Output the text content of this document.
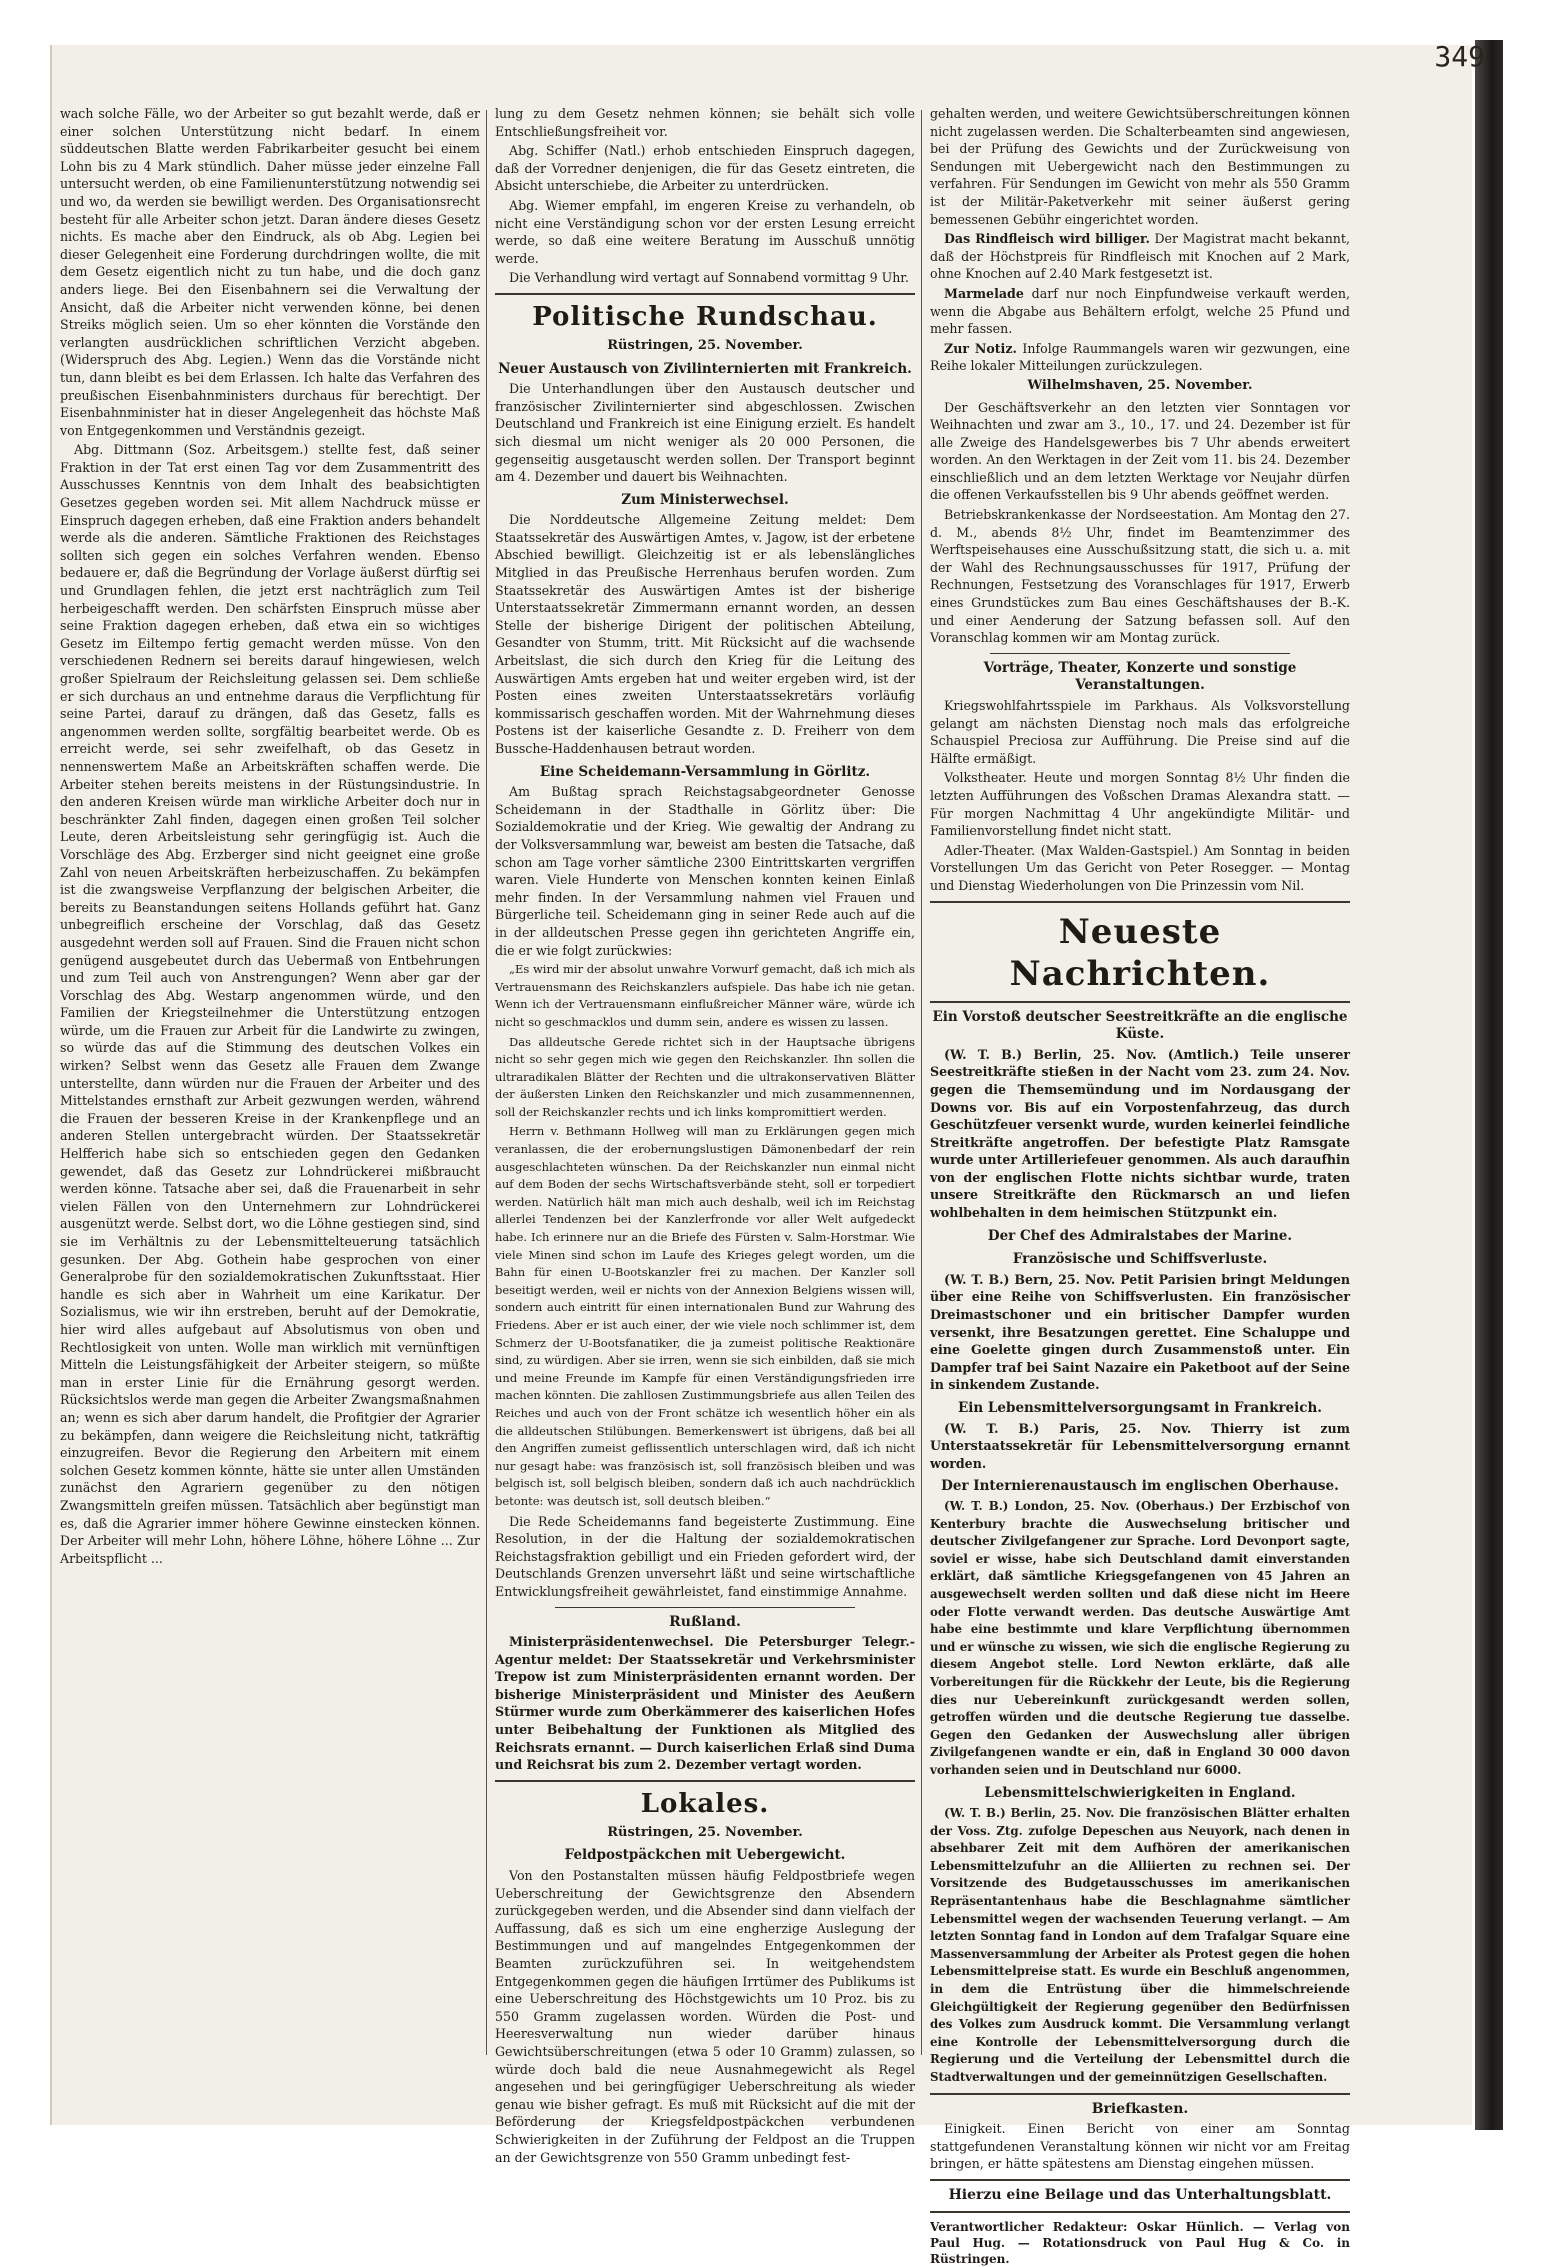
349

wach solche Fälle, wo der Arbeiter so gut bezahlt werde, daß er einer solchen Unterstützung nicht bedarf. In einem süddeutschen Blatte werden Fabrikarbeiter gesucht bei einem Lohn bis zu 4 Mark stündlich. Daher müsse jeder einzelne Fall untersucht werden, ob eine Familienunterstützung notwendig sei und wo, da werden sie bewilligt werden. Des Organisationsrecht besteht für alle Arbeiter schon jetzt. Daran ändere dieses Gesetz nichts. Es mache aber den Eindruck, als ob Abg. Legien bei dieser Gelegenheit eine Forderung durchdringen wollte, die mit dem Gesetz eigentlich nicht zu tun habe, und die doch ganz anders liege. Bei den Eisenbahnern sei die Verwaltung der Ansicht, daß die Arbeiter nicht verwenden könne, bei denen Streiks möglich seien. Um so eher könnten die Vorstände den verlangten ausdrücklichen schriftlichen Verzicht abgeben. (Widerspruch des Abg. Legien.) Wenn das die Vorstände nicht tun, dann bleibt es bei dem Erlassen. Ich halte das Verfahren des preußischen Eisenbahnministers durchaus für berechtigt. Der Eisenbahnminister hat in dieser Angelegenheit das höchste Maß von Entgegenkommen und Verständnis gezeigt.

Abg. Dittmann (Soz. Arbeitsgem.) stellte fest, daß seiner Fraktion in der Tat erst einen Tag vor dem Zusammentritt des Ausschusses Kenntnis von dem Inhalt des beabsichtigten Gesetzes gegeben worden sei. Mit allem Nachdruck müsse er Einspruch dagegen erheben, daß eine Fraktion anders behandelt werde als die anderen. Sämtliche Fraktionen des Reichstages sollten sich gegen ein solches Verfahren wenden. Ebenso bedauere er, daß die Begründung der Vorlage äußerst dürftig sei und Grundlagen fehlen, die jetzt erst nachträglich zum Teil herbeigeschafft werden. Den schärfsten Einspruch müsse aber seine Fraktion dagegen erheben, daß etwa ein so wichtiges Gesetz im Eiltempo fertig gemacht werden müsse. Von den verschiedenen Rednern sei bereits darauf hingewiesen, welch großer Spielraum der Reichsleitung gelassen sei. Dem schließe er sich durchaus an und entnehme daraus die Verpflichtung für seine Partei, darauf zu drängen, daß das Gesetz, falls es angenommen werden sollte, sorgfältig bearbeitet werde. Ob es erreicht werde, sei sehr zweifelhaft, ob das Gesetz in nennenswertem Maße an Arbeitskräften schaffen werde. Die Arbeiter stehen bereits meistens in der Rüstungsindustrie. In den anderen Kreisen würde man wirkliche Arbeiter doch nur in beschränkter Zahl finden, dagegen einen großen Teil solcher Leute, deren Arbeitsleistung sehr geringfügig ist. Auch die Vorschläge des Abg. Erzberger sind nicht geeignet eine große Zahl von neuen Arbeitskräften herbeizuschaffen. Zu bekämpfen ist die zwangsweise Verpflanzung der belgischen Arbeiter, die bereits zu Beanstandungen seitens Hollands geführt hat. Ganz unbegreiflich erscheine der Vorschlag, daß das Gesetz ausgedehnt werden soll auf Frauen. Sind die Frauen nicht schon genügend ausgebeutet durch das Uebermaß von Entbehrungen und zum Teil auch von Anstrengungen? Wenn aber gar der Vorschlag des Abg. Westarp angenommen würde, und den Familien der Kriegsteilnehmer die Unterstützung entzogen würde, um die Frauen zur Arbeit für die Landwirte zu zwingen, so würde das auf die Stimmung des deutschen Volkes ein wirken? Selbst wenn das Gesetz alle Frauen dem Zwange unterstellte, dann würden nur die Frauen der Arbeiter und des Mittelstandes ernsthaft zur Arbeit gezwungen werden, während die Frauen der besseren Kreise in der Krankenpflege und an anderen Stellen untergebracht würden. Der Staatssekretär Helfferich habe sich so entschieden gegen den Gedanken gewendet, daß das Gesetz zur Lohndrückerei mißbraucht werden könne. Tatsache aber sei, daß die Frauenarbeit in sehr vielen Fällen von den Unternehmern zur Lohndrückerei ausgenützt werde. Selbst dort, wo die Löhne gestiegen sind, sind sie im Verhältnis zu der Lebensmittelteuerung tatsächlich gesunken. Der Abg. Gothein habe gesprochen von einer Generalprobe für den sozialdemokratischen Zukunftsstaat. Hier handle es sich aber in Wahrheit um eine Karikatur. Der Sozialismus, wie wir ihn erstreben, beruht auf der Demokratie, hier wird alles aufgebaut auf Absolutismus von oben und Rechtlosigkeit von unten. Wolle man wirklich mit vernünftigen Mitteln die Leistungsfähigkeit der Arbeiter steigern, so müßte man in erster Linie für die Ernährung gesorgt werden. Rücksichtslos werde man gegen die Arbeiter Zwangsmaßnahmen an; wenn es sich aber darum handelt, die Profitgier der Agrarier zu bekämpfen, dann weigere die Reichsleitung nicht, tatkräftig einzugreifen. Bevor die Regierung den Arbeitern mit einem solchen Gesetz kommen könnte, hätte sie unter allen Umständen zunächst den Agrariern gegenüber zu den nötigen Zwangsmitteln greifen müssen. Tatsächlich aber begünstigt man es, daß die Agrarier immer höhere Gewinne einstecken können. Der Arbeiter will mehr Lohn, höhere Löhne, höhere Löhne ... Zur Arbeitspflicht ...

lung zu dem Gesetz nehmen können; sie behält sich volle Entschließungsfreiheit vor.

Abg. Schiffer (Natl.) erhob entschieden Einspruch dagegen, daß der Vorredner denjenigen, die für das Gesetz eintreten, die Absicht unterschiebe, die Arbeiter zu unterdrücken.

Abg. Wiemer empfahl, im engeren Kreise zu verhandeln, ob nicht eine Verständigung schon vor der ersten Lesung erreicht werde, so daß eine weitere Beratung im Ausschuß unnötig werde.

Die Verhandlung wird vertagt auf Sonnabend vormittag 9 Uhr.

Politische Rundschau.
Rüstringen, 25. November.
Neuer Austausch von Zivilinternierten mit Frankreich.

Die Unterhandlungen über den Austausch deutscher und französischer Zivilinternierter sind abgeschlossen. Zwischen Deutschland und Frankreich ist eine Einigung erzielt. Es handelt sich diesmal um nicht weniger als 20 000 Personen, die gegenseitig ausgetauscht werden sollen. Der Transport beginnt am 4. Dezember und dauert bis Weihnachten.

Zum Ministerwechsel.

Die Norddeutsche Allgemeine Zeitung meldet: Dem Staatssekretär des Auswärtigen Amtes, v. Jagow, ist der erbetene Abschied bewilligt. Gleichzeitig ist er als lebenslängliches Mitglied in das Preußische Herrenhaus berufen worden. Zum Staatssekretär des Auswärtigen Amtes ist der bisherige Unterstaatssekretär Zimmermann ernannt worden, an dessen Stelle der bisherige Dirigent der politischen Abteilung, Gesandter von Stumm, tritt. Mit Rücksicht auf die wachsende Arbeitslast, die sich durch den Krieg für die Leitung des Auswärtigen Amts ergeben hat und weiter ergeben wird, ist der Posten eines zweiten Unterstaatssekretärs vorläufig kommissarisch geschaffen worden. Mit der Wahrnehmung dieses Postens ist der kaiserliche Gesandte z. D. Freiherr von dem Bussche-Haddenhausen betraut worden.

Eine Scheidemann-Versammlung in Görlitz.

Am Bußtag sprach Reichstagsabgeordneter Genosse Scheidemann in der Stadthalle in Görlitz über: Die Sozialdemokratie und der Krieg. Wie gewaltig der Andrang zu der Volksversammlung war, beweist am besten die Tatsache, daß schon am Tage vorher sämtliche 2300 Eintrittskarten vergriffen waren. Viele Hunderte von Menschen konnten keinen Einlaß mehr finden. In der Versammlung nahmen viel Frauen und Bürgerliche teil. Scheidemann ging in seiner Rede auch auf die in der alldeutschen Presse gegen ihn gerichteten Angriffe ein, die er wie folgt zurückwies:

„Es wird mir der absolut unwahre Vorwurf gemacht, daß ich mich als Vertrauensmann des Reichskanzlers aufspiele. Das habe ich nie getan. Wenn ich der Vertrauensmann einflußreicher Männer wäre, würde ich nicht so geschmacklos und dumm sein, andere es wissen zu lassen.

Das alldeutsche Gerede richtet sich in der Hauptsache übrigens nicht so sehr gegen mich wie gegen den Reichskanzler. Ihn sollen die ultraradikalen Blätter der Rechten und die ultrakonservativen Blätter der äußersten Linken den Reichskanzler und mich zusammennennen, soll der Reichskanzler rechts und ich links kompromittiert werden.

Herrn v. Bethmann Hollweg will man zu Erklärungen gegen mich veranlassen, die der erobernungslustigen Dämonenbedarf der rein ausgeschlachteten wünschen. Da der Reichskanzler nun einmal nicht auf dem Boden der sechs Wirtschaftsverbände steht, soll er torpediert werden. Natürlich hält man mich auch deshalb, weil ich im Reichstag allerlei Tendenzen bei der Kanzlerfronde vor aller Welt aufgedeckt habe. Ich erinnere nur an die Briefe des Fürsten v. Salm-Horstmar. Wie viele Minen sind schon im Laufe des Krieges gelegt worden, um die Bahn für einen U-Bootskanzler frei zu machen. Der Kanzler soll beseitigt werden, weil er nichts von der Annexion Belgiens wissen will, sondern auch eintritt für einen internationalen Bund zur Wahrung des Friedens. Aber er ist auch einer, der wie viele noch schlimmer ist, dem Schmerz der U-Bootsfanatiker, die ja zumeist politische Reaktionäre sind, zu würdigen. Aber sie irren, wenn sie sich einbilden, daß sie mich und meine Freunde im Kampfe für einen Verständigungsfrieden irre machen könnten. Die zahllosen Zustimmungsbriefe aus allen Teilen des Reiches und auch von der Front schätze ich wesentlich höher ein als die alldeutschen Stilübungen. Bemerkenswert ist übrigens, daß bei all den Angriffen zumeist geflissentlich unterschlagen wird, daß ich nicht nur gesagt habe: was französisch ist, soll französisch bleiben und was belgisch ist, soll belgisch bleiben, sondern daß ich auch nachdrücklich betonte: was deutsch ist, soll deutsch bleiben.“

Die Rede Scheidemanns fand begeisterte Zustimmung. Eine Resolution, in der die Haltung der sozialdemokratischen Reichstagsfraktion gebilligt und ein Frieden gefordert wird, der Deutschlands Grenzen unversehrt läßt und seine wirtschaftliche Entwicklungsfreiheit gewährleistet, fand einstimmige Annahme.

Rußland.

Ministerpräsidentenwechsel. Die Petersburger Telegr.-Agentur meldet: Der Staatssekretär und Verkehrsminister Trepow ist zum Ministerpräsidenten ernannt worden. Der bisherige Ministerpräsident und Minister des Aeußern Stürmer wurde zum Oberkämmerer des kaiserlichen Hofes unter Beibehaltung der Funktionen als Mitglied des Reichsrats ernannt. — Durch kaiserlichen Erlaß sind Duma und Reichsrat bis zum 2. Dezember vertagt worden.

Lokales.
Rüstringen, 25. November.
Feldpostpäckchen mit Uebergewicht.

Von den Postanstalten müssen häufig Feldpostbriefe wegen Ueberschreitung der Gewichtsgrenze den Absendern zurückgegeben werden, und die Absender sind dann vielfach der Auffassung, daß es sich um eine engherzige Auslegung der Bestimmungen und auf mangelndes Entgegenkommen der Beamten zurückzuführen sei. In weitgehendstem Entgegenkommen gegen die häufigen Irrtümer des Publikums ist eine Ueberschreitung des Höchstgewichts um 10 Proz. bis zu 550 Gramm zugelassen worden. Würden die Post- und Heeresverwaltung nun wieder darüber hinaus Gewichtsüberschreitungen (etwa 5 oder 10 Gramm) zulassen, so würde doch bald die neue Ausnahmegewicht als Regel angesehen und bei geringfügiger Ueberschreitung als wieder genau wie bisher gefragt. Es muß mit Rücksicht auf die mit der Beförderung der Kriegsfeldpostpäckchen verbundenen Schwierigkeiten in der Zuführung der Feldpost an die Truppen an der Gewichtsgrenze von 550 Gramm unbedingt fest-

gehalten werden, und weitere Gewichtsüberschreitungen können nicht zugelassen werden. Die Schalterbeamten sind angewiesen, bei der Prüfung des Gewichts und der Zurückweisung von Sendungen mit Uebergewicht nach den Bestimmungen zu verfahren. Für Sendungen im Gewicht von mehr als 550 Gramm ist der Militär-Paketverkehr mit seiner äußerst gering bemessenen Gebühr eingerichtet worden.

Das Rindfleisch wird billiger. Der Magistrat macht bekannt, daß der Höchstpreis für Rindfleisch mit Knochen auf 2 Mark, ohne Knochen auf 2.40 Mark festgesetzt ist.

Marmelade darf nur noch Einpfundweise verkauft werden, wenn die Abgabe aus Behältern erfolgt, welche 25 Pfund und mehr fassen.

Zur Notiz. Infolge Raummangels waren wir gezwungen, eine Reihe lokaler Mitteilungen zurückzulegen.

Wilhelmshaven, 25. November.

Der Geschäftsverkehr an den letzten vier Sonntagen vor Weihnachten und zwar am 3., 10., 17. und 24. Dezember ist für alle Zweige des Handelsgewerbes bis 7 Uhr abends erweitert worden. An den Werktagen in der Zeit vom 11. bis 24. Dezember einschließlich und an dem letzten Werktage vor Neujahr dürfen die offenen Verkaufsstellen bis 9 Uhr abends geöffnet werden.

Betriebskrankenkasse der Nordseestation. Am Montag den 27. d. M., abends 8½ Uhr, findet im Beamtenzimmer des Werftspeisehauses eine Ausschußsitzung statt, die sich u. a. mit der Wahl des Rechnungsausschusses für 1917, Prüfung der Rechnungen, Festsetzung des Voranschlages für 1917, Erwerb eines Grundstückes zum Bau eines Geschäftshauses der B.-K. und einer Aenderung der Satzung befassen soll. Auf den Voranschlag kommen wir am Montag zurück.

Vorträge, Theater, Konzerte und sonstige Veranstaltungen.

Kriegswohlfahrtsspiele im Parkhaus. Als Volksvorstellung gelangt am nächsten Dienstag noch mals das erfolgreiche Schauspiel Preciosa zur Aufführung. Die Preise sind auf die Hälfte ermäßigt.

Volkstheater. Heute und morgen Sonntag 8½ Uhr finden die letzten Aufführungen des Voßschen Dramas Alexandra statt. — Für morgen Nachmittag 4 Uhr angekündigte Militär- und Familienvorstellung findet nicht statt.

Adler-Theater. (Max Walden-Gastspiel.) Am Sonntag in beiden Vorstellungen Um das Gericht von Peter Rosegger. — Montag und Dienstag Wiederholungen von Die Prinzessin vom Nil.

Neueste Nachrichten.
Ein Vorstoß deutscher Seestreitkräfte an die englische Küste.

(W. T. B.) Berlin, 25. Nov. (Amtlich.) Teile unserer Seestreitkräfte stießen in der Nacht vom 23. zum 24. Nov. gegen die Themsemündung und im Nordausgang der Downs vor. Bis auf ein Vorpostenfahrzeug, das durch Geschützfeuer versenkt wurde, wurden keinerlei feindliche Streitkräfte angetroffen. Der befestigte Platz Ramsgate wurde unter Artilleriefeuer genommen. Als auch daraufhin von der englischen Flotte nichts sichtbar wurde, traten unsere Streitkräfte den Rückmarsch an und liefen wohlbehalten in dem heimischen Stützpunkt ein.

Der Chef des Admiralstabes der Marine.
Französische und Schiffsverluste.

(W. T. B.) Bern, 25. Nov. Petit Parisien bringt Meldungen über eine Reihe von Schiffsverlusten. Ein französischer Dreimastschoner und ein britischer Dampfer wurden versenkt, ihre Besatzungen gerettet. Eine Schaluppe und eine Goelette gingen durch Zusammenstoß unter. Ein Dampfer traf bei Saint Nazaire ein Paketboot auf der Seine in sinkendem Zustande.

Ein Lebensmittelversorgungsamt in Frankreich.

(W. T. B.) Paris, 25. Nov. Thierry ist zum Unterstaatssekretär für Lebensmittelversorgung ernannt worden.

Der Internierenaustausch im englischen Oberhause.

(W. T. B.) London, 25. Nov. (Oberhaus.) Der Erzbischof von Kenterbury brachte die Auswechselung britischer und deutscher Zivilgefangener zur Sprache. Lord Devonport sagte, soviel er wisse, habe sich Deutschland damit einverstanden erklärt, daß sämtliche Kriegsgefangenen von 45 Jahren an ausgewechselt werden sollten und daß diese nicht im Heere oder Flotte verwandt werden. Das deutsche Auswärtige Amt habe eine bestimmte und klare Verpflichtung übernommen und er wünsche zu wissen, wie sich die englische Regierung zu diesem Angebot stelle. Lord Newton erklärte, daß alle Vorbereitungen für die Rückkehr der Leute, bis die Regierung dies nur Uebereinkunft zurückgesandt werden sollen, getroffen würden und die deutsche Regierung tue dasselbe. Gegen den Gedanken der Auswechslung aller übrigen Zivilgefangenen wandte er ein, daß in England 30 000 davon vorhanden seien und in Deutschland nur 6000.

Lebensmittelschwierigkeiten in England.

(W. T. B.) Berlin, 25. Nov. Die französischen Blätter erhalten der Voss. Ztg. zufolge Depeschen aus Neuyork, nach denen in absehbarer Zeit mit dem Aufhören der amerikanischen Lebensmittelzufuhr an die Alliierten zu rechnen sei. Der Vorsitzende des Budgetausschusses im amerikanischen Repräsentantenhaus habe die Beschlagnahme sämtlicher Lebensmittel wegen der wachsenden Teuerung verlangt. — Am letzten Sonntag fand in London auf dem Trafalgar Square eine Massenversammlung der Arbeiter als Protest gegen die hohen Lebensmittelpreise statt. Es wurde ein Beschluß angenommen, in dem die Entrüstung über die himmelschreiende Gleichgültigkeit der Regierung gegenüber den Bedürfnissen des Volkes zum Ausdruck kommt. Die Versammlung verlangt eine Kontrolle der Lebensmittelversorgung durch die Regierung und die Verteilung der Lebensmittel durch die Stadtverwaltungen und der gemeinnützigen Gesellschaften.

Briefkasten.

Einigkeit. Einen Bericht von einer am Sonntag stattgefundenen Veranstaltung können wir nicht vor am Freitag bringen, er hätte spätestens am Dienstag eingehen müssen.

Hierzu eine Beilage und das Unterhaltungsblatt.

Verantwortlicher Redakteur: Oskar Hünlich. — Verlag von Paul Hug. — Rotationsdruck von Paul Hug & Co. in Rüstringen.
